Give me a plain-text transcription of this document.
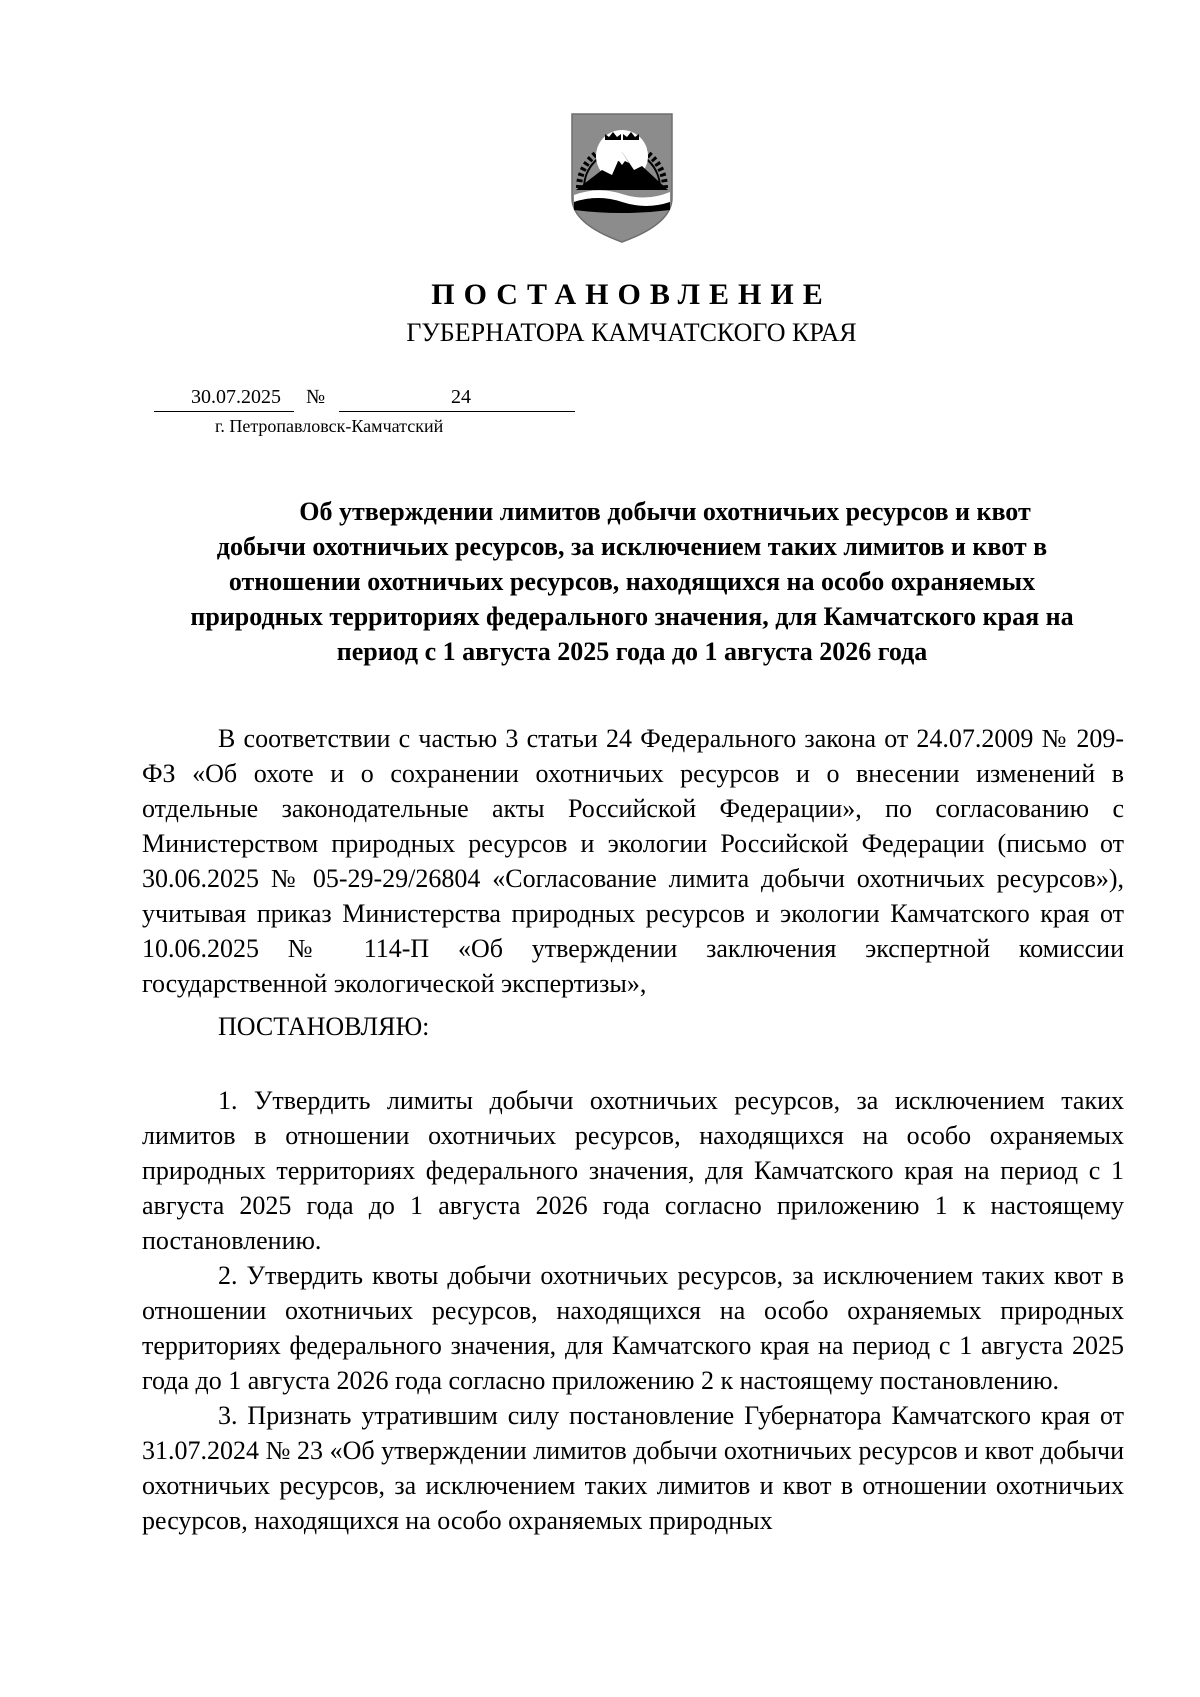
ПОСТАНОВЛЕНИЕ
ГУБЕРНАТОРА КАМЧАТСКОГО КРАЯ
30.07.2025 №	24
г. Петропавловск-Камчатский
Об утверждении лимитов добычи охотничьих ресурсов и квот
добычи охотничьих ресурсов, за исключением таких лимитов и квот в
отношении охотничьих ресурсов, находящихся на особо охраняемых
природных территориях федерального значения, для Камчатского края на
период с 1 августа 2025 года до 1 августа 2026 года

В соответствии с частью 3 статьи 24 Федерального закона от 24.07.2009 № 209-ФЗ «Об охоте и о сохранении охотничьих ресурсов и о внесении изменений в отдельные законодательные акты Российской Федерации», по согласованию с Министерством природных ресурсов и экологии Российской Федерации (письмо от 30.06.2025 № 05-29-29/26804 «Согласование лимита добычи охотничьих ресурсов»), учитывая приказ Министерства природных ресурсов и экологии Камчатского края от 10.06.2025 № 114-П «Об утверждении заключения экспертной комиссии государственной экологической экспертизы»,

ПОСТАНОВЛЯЮ:

1. Утвердить лимиты добычи охотничьих ресурсов, за исключением таких лимитов в отношении охотничьих ресурсов, находящихся на особо охраняемых природных территориях федерального значения, для Камчатского края на период с 1 августа 2025 года до 1 августа 2026 года согласно приложению 1 к настоящему постановлению.

2. Утвердить квоты добычи охотничьих ресурсов, за исключением таких квот в отношении охотничьих ресурсов, находящихся на особо охраняемых природных территориях федерального значения, для Камчатского края на период с 1 августа 2025 года до 1 августа 2026 года согласно приложению 2 к настоящему постановлению.

3. Признать утратившим силу постановление Губернатора Камчатского края от 31.07.2024 № 23 «Об утверждении лимитов добычи охотничьих ресурсов и квот добычи охотничьих ресурсов, за исключением таких лимитов и квот в отношении охотничьих ресурсов, находящихся на особо охраняемых природных
